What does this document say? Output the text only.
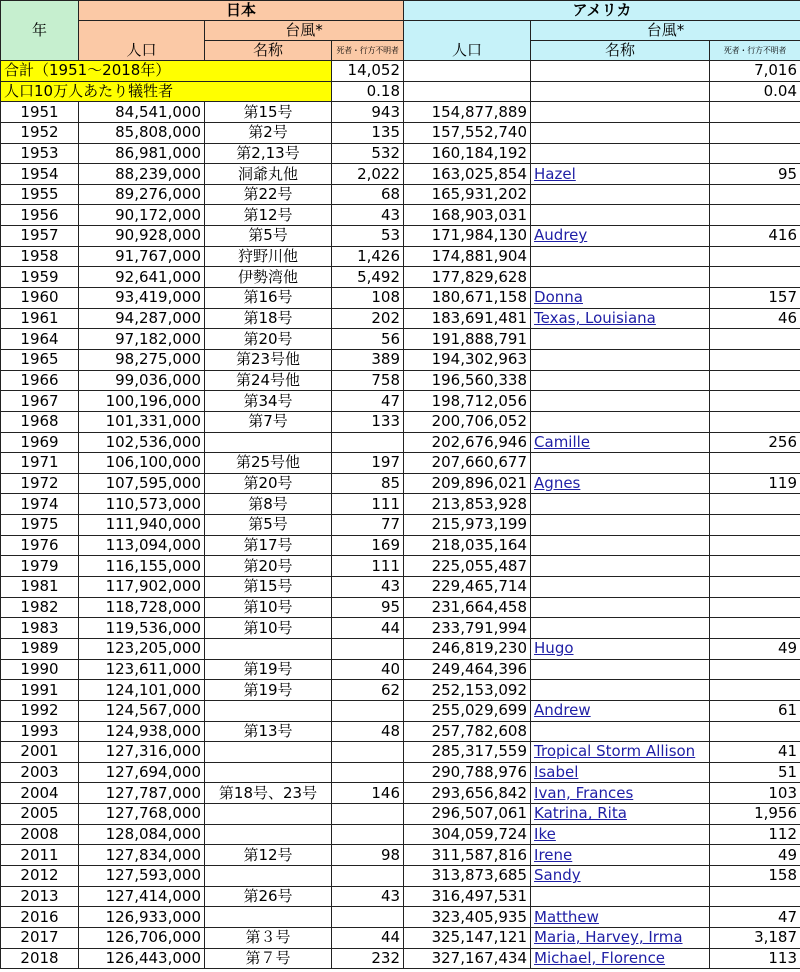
年	日本			アメリカ		
	人口	台風*		人口	台風*	
		名称	死者・行方不明者		名称	死者・行方不明者
合計（1951～2018年）			14,052			7,016
人口10万人あたり犠牲者			0.18			0.04
1951	84,541,000	第15号	943	154,877,889		
1952	85,808,000	第2号	135	157,552,740		
1953	86,981,000	第2,13号	532	160,184,192		
1954	88,239,000	洞爺丸他	2,022	163,025,854	Hazel	95
1955	89,276,000	第22号	68	165,931,202		
1956	90,172,000	第12号	43	168,903,031		
1957	90,928,000	第5号	53	171,984,130	Audrey	416
1958	91,767,000	狩野川他	1,426	174,881,904		
1959	92,641,000	伊勢湾他	5,492	177,829,628		
1960	93,419,000	第16号	108	180,671,158	Donna	157
1961	94,287,000	第18号	202	183,691,481	Texas, Louisiana	46
1964	97,182,000	第20号	56	191,888,791		
1965	98,275,000	第23号他	389	194,302,963		
1966	99,036,000	第24号他	758	196,560,338		
1967	100,196,000	第34号	47	198,712,056		
1968	101,331,000	第7号	133	200,706,052		
1969	102,536,000			202,676,946	Camille	256
1971	106,100,000	第25号他	197	207,660,677		
1972	107,595,000	第20号	85	209,896,021	Agnes	119
1974	110,573,000	第8号	111	213,853,928		
1975	111,940,000	第5号	77	215,973,199		
1976	113,094,000	第17号	169	218,035,164		
1979	116,155,000	第20号	111	225,055,487		
1981	117,902,000	第15号	43	229,465,714		
1982	118,728,000	第10号	95	231,664,458		
1983	119,536,000	第10号	44	233,791,994		
1989	123,205,000			246,819,230	Hugo	49
1990	123,611,000	第19号	40	249,464,396		
1991	124,101,000	第19号	62	252,153,092		
1992	124,567,000			255,029,699	Andrew	61
1993	124,938,000	第13号	48	257,782,608		
2001	127,316,000			285,317,559	Tropical Storm Allison	41
2003	127,694,000			290,788,976	Isabel	51
2004	127,787,000	第18号、23号	146	293,656,842	Ivan, Frances	103
2005	127,768,000			296,507,061	Katrina, Rita	1,956
2008	128,084,000			304,059,724	Ike	112
2011	127,834,000	第12号	98	311,587,816	Irene	49
2012	127,593,000			313,873,685	Sandy	158
2013	127,414,000	第26号	43	316,497,531		
2016	126,933,000			323,405,935	Matthew	47
2017	126,706,000	第３号	44	325,147,121	Maria, Harvey, Irma	3,187
2018	126,443,000	第７号	232	327,167,434	Michael, Florence	113
